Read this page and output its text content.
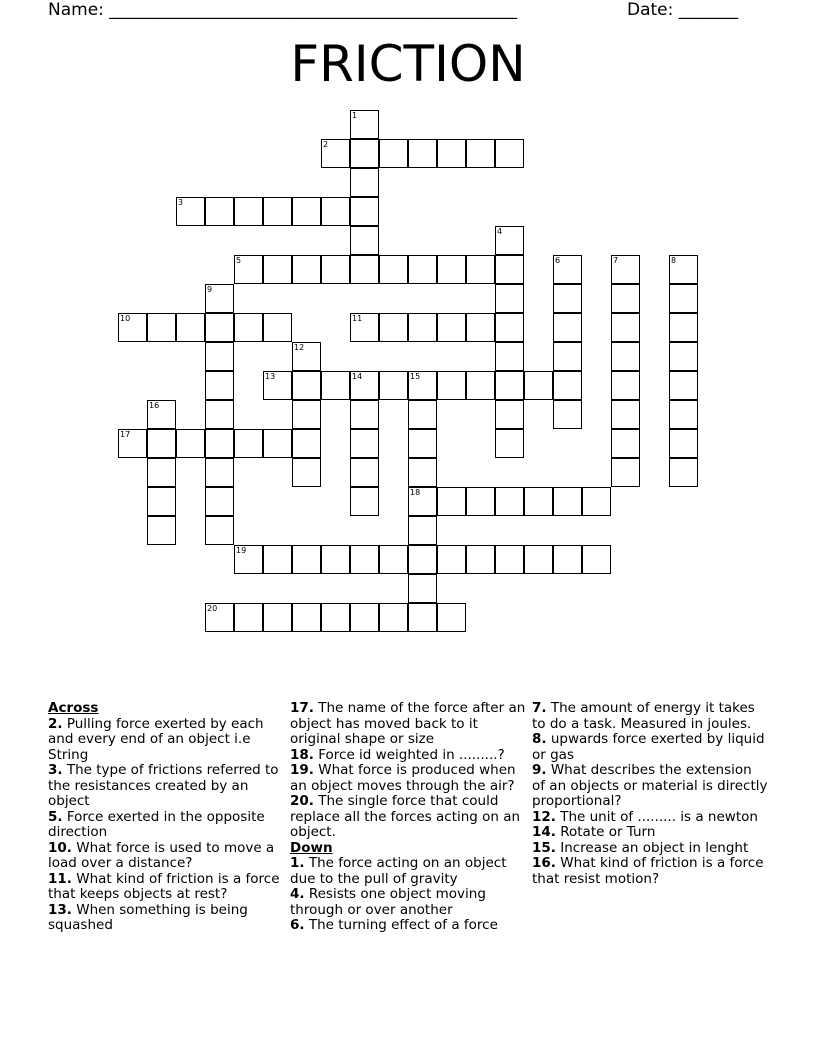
Name: ________________________________________________	Date: _______
FRICTION
2
3
5
10	11
13	14	15
17
18
19
20
1
4
6	7	8
9
12
16
Across

2. Pulling force exerted by each and every end of an object i.e String

3. The type of frictions referred to the resistances created by an object

5. Force exerted in the opposite direction

10. What force is used to move a load over a distance?

11. What kind of friction is a force that keeps objects at rest?

13. When something is being squashed

17. The name of the force after an object has moved back to it original shape or size

18. Force id weighted in .........?

19. What force is produced when an object moves through the air?

20. The single force that could replace all the forces acting on an object.

Down

1. The force acting on an object due to the pull of gravity

4. Resists one object moving through or over another

6. The turning effect of a force

7. The amount of energy it takes to do a task. Measured in joules.

8. upwards force exerted by liquid or gas

9. What describes the extension of an objects or material is directly proportional?

12. The unit of ......... is a newton

14. Rotate or Turn

15. Increase an object in lenght

16. What kind of friction is a force that resist motion?
